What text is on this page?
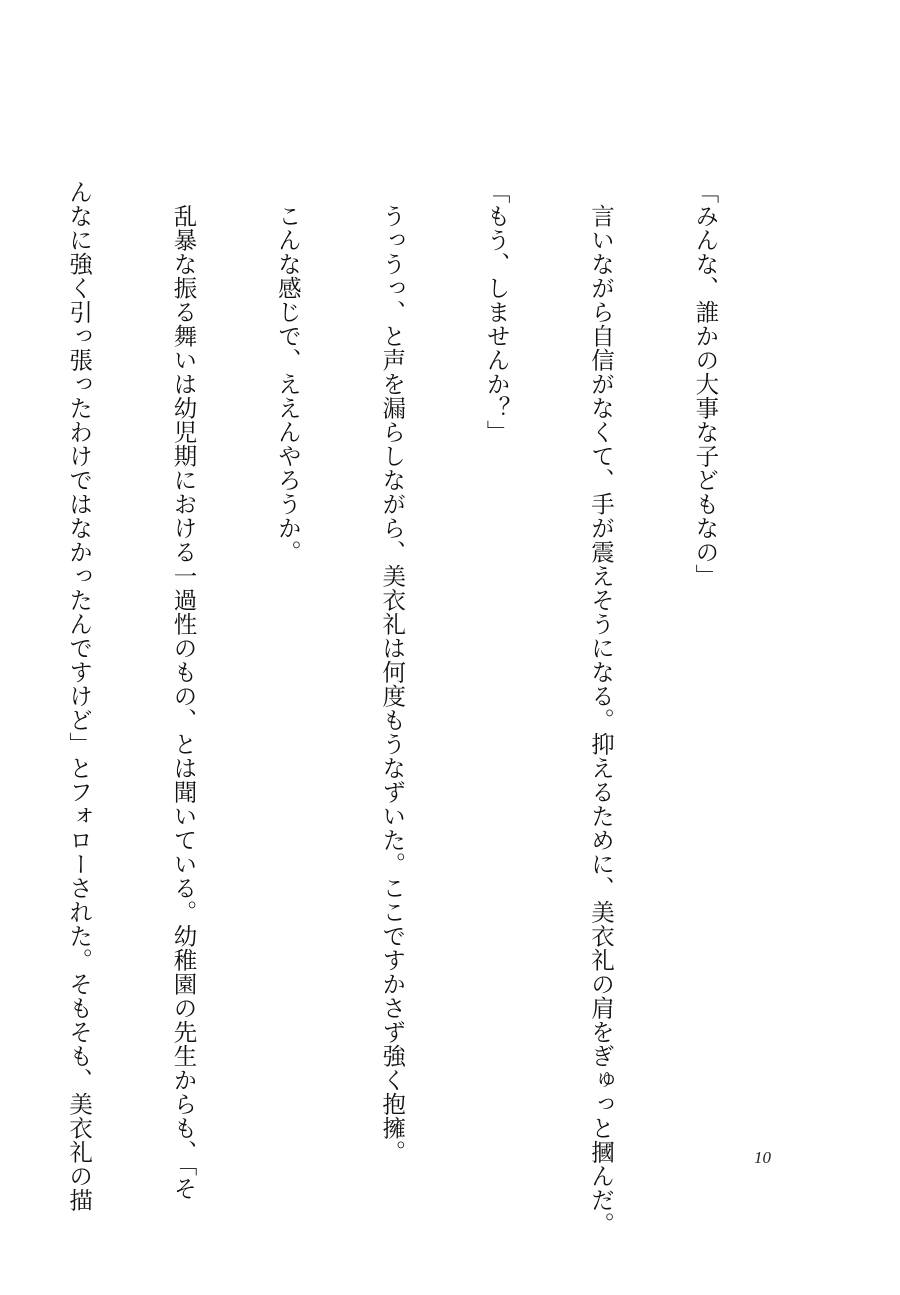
「みんな、誰かの大事な子どもなの」

　言いながら自信がなくて、手が震えそうになる。抑えるために、美衣礼の肩をぎゅっと摑んだ。

「もう、しませんか？」

　うっうっ、と声を漏らしながら、美衣礼は何度もうなずいた。ここですかさず強く抱擁。

　こんな感じで、ええんやろうか。

　乱暴な振る舞いは幼児期における一過性のもの、とは聞いている。幼稚園の先生からも、「そ

んなに強く引っ張ったわけではなかったんですけど」とフォローされた。そもそも、美衣礼の描

	10
